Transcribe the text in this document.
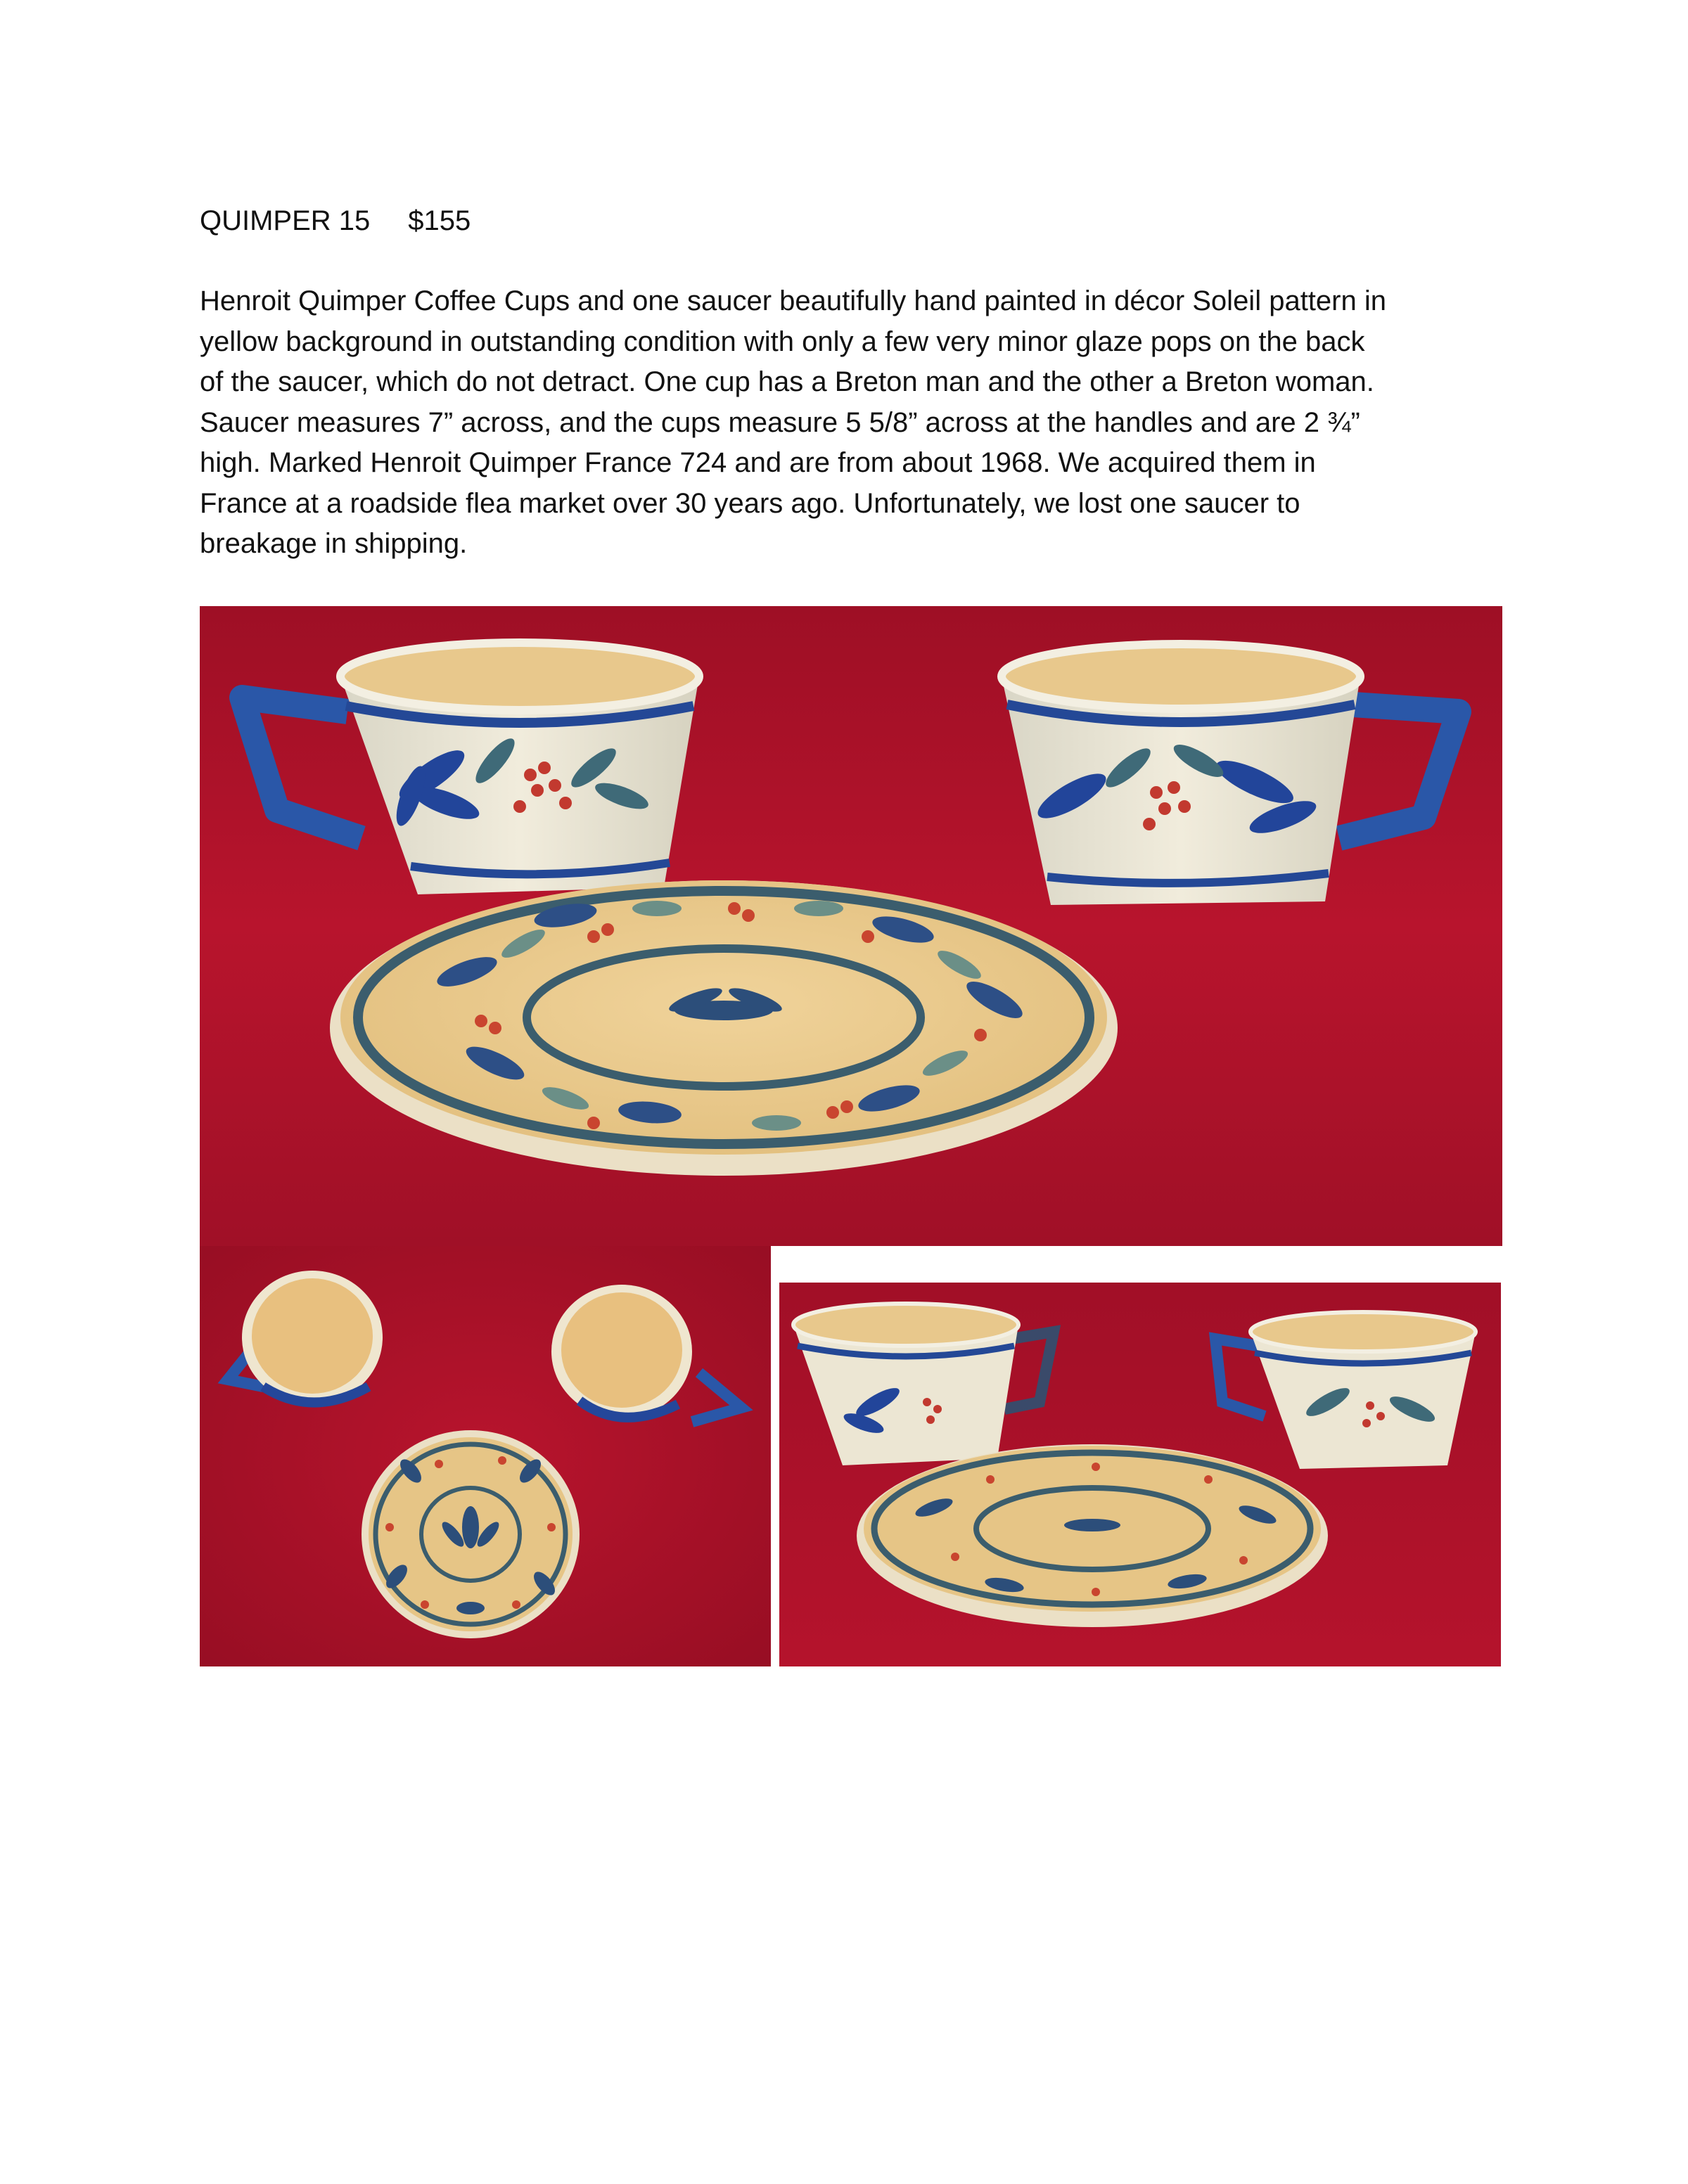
QUIMPER 15 $155
Henroit Quimper Coffee Cups and one saucer beautifully hand painted in décor Soleil pattern in
yellow background in outstanding condition with only a few very minor glaze pops on the back
of the saucer, which do not detract. One cup has a Breton man and the other a Breton woman.
Saucer measures 7” across, and the cups measure 5 5/8” across at the handles and are 2 ¾”
high. Marked Henroit Quimper France 724 and are from about 1968. We acquired them in
France at a roadside flea market over 30 years ago. Unfortunately, we lost one saucer to
breakage in shipping.
